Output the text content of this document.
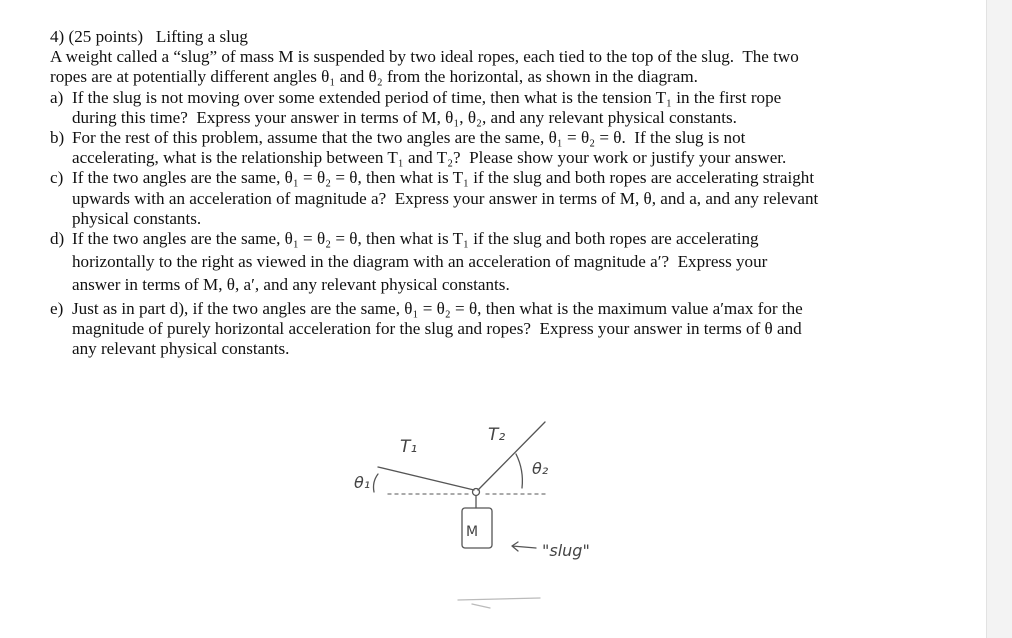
4) (25 points)   Lifting a slug
A weight called a “slug” of mass M is suspended by two ideal ropes, each tied to the top of the slug.  The two
ropes are at potentially different angles θ₁ and θ₂ from the horizontal, as shown in the diagram.
a) If the slug is not moving over some extended period of time, then what is the tension T₁ in the first rope
during this time?  Express your answer in terms of M, θ₁, θ₂, and any relevant physical constants.
b) For the rest of this problem, assume that the two angles are the same, θ₁ = θ₂ = θ.  If the slug is not
accelerating, what is the relationship between T₁ and T₂?  Please show your work or justify your answer.
c) If the two angles are the same, θ₁ = θ₂ = θ, then what is T₁ if the slug and both ropes are accelerating straight
upwards with an acceleration of magnitude a?  Express your answer in terms of M, θ, and a, and any relevant
physical constants.
d) If the two angles are the same, θ₁ = θ₂ = θ, then what is T₁ if the slug and both ropes are accelerating
horizontally to the right as viewed in the diagram with an acceleration of magnitude a′?  Express your
answer in terms of M, θ, a′, and any relevant physical constants.
e) Just as in part d), if the two angles are the same, θ₁ = θ₂ = θ, then what is the maximum value a′max for the
magnitude of purely horizontal acceleration for the slug and ropes?  Express your answer in terms of θ and
any relevant physical constants.
T₁
T₂
θ₁
θ₂
M
"slug"
